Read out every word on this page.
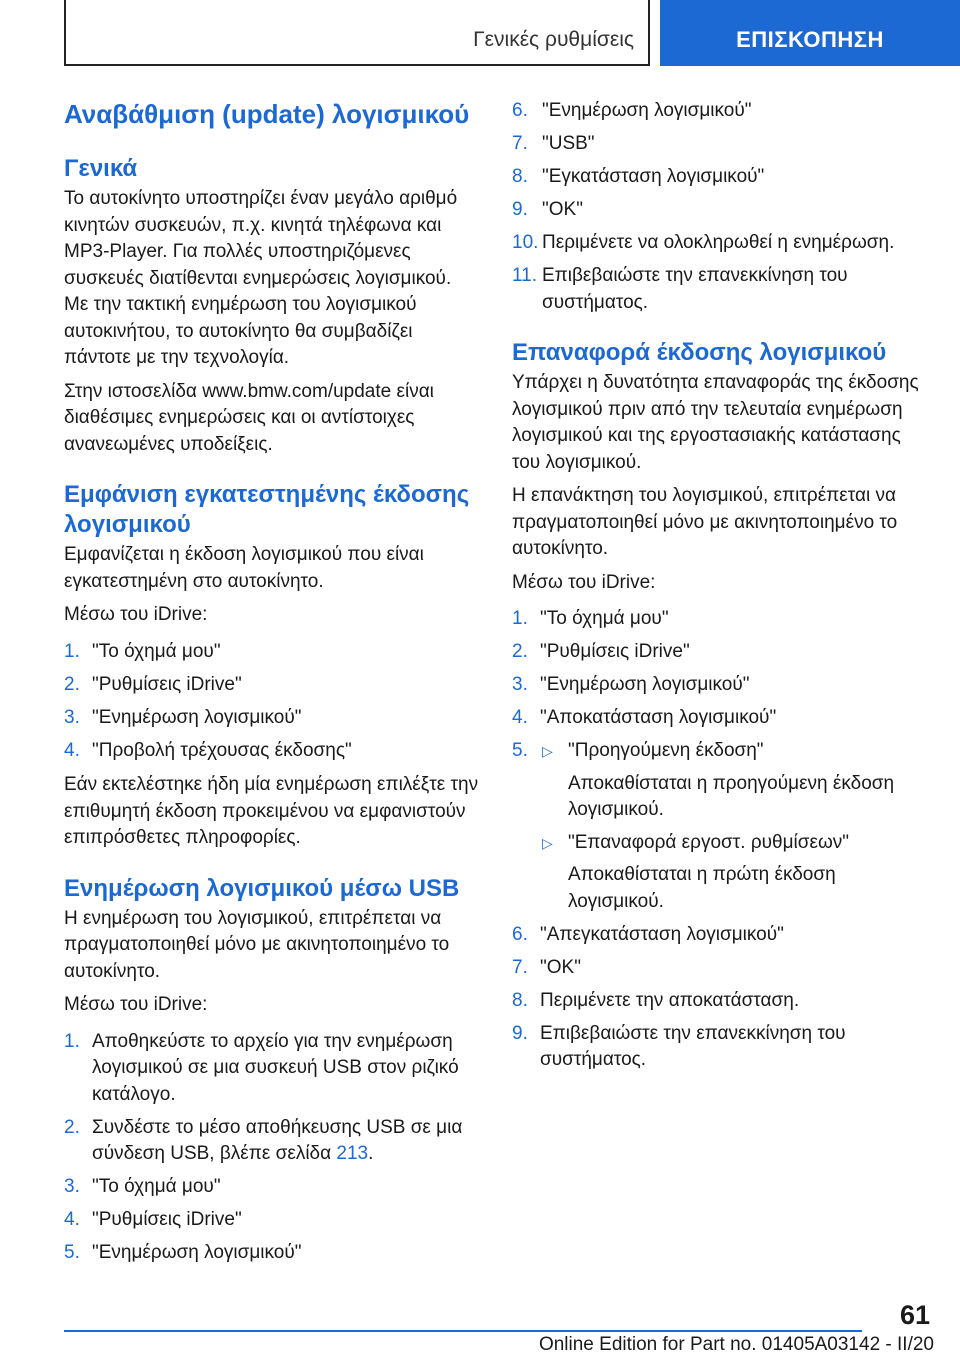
Γενικές ρυθμίσεις	ΕΠΙΣΚΟΠΗΣΗ
Αναβάθμιση (update) λογισμικού
Γενικά

Το αυτοκίνητο υποστηρίζει έναν μεγάλο αριθμό κινητών συσκευών, π.χ. κινητά τηλέφωνα και MP3-Player. Για πολλές υποστηριζόμενες συσκευές διατίθενται ενημερώσεις λογισμικού. Με την τακτική ενημέρωση του λογισμικού αυτοκινήτου, το αυτοκίνητο θα συμβαδίζει πάντοτε με την τεχνολογία.

Στην ιστοσελίδα www.bmw.com/update είναι διαθέσιμες ενημερώσεις και οι αντίστοιχες ανανεωμένες υποδείξεις.

Εμφάνιση εγκατεστημένης έκδοσης λογισμικού

Εμφανίζεται η έκδοση λογισμικού που είναι εγκατεστημένη στο αυτοκίνητο.

Μέσω του iDrive:

1. "Το όχημά μου"
2. "Ρυθμίσεις iDrive"
3. "Ενημέρωση λογισμικού"
4. "Προβολή τρέχουσας έκδοσης"

Εάν εκτελέστηκε ήδη μία ενημέρωση επιλέξτε την επιθυμητή έκδοση προκειμένου να εμφανιστούν επιπρόσθετες πληροφορίες.

Ενημέρωση λογισμικού μέσω USB

Η ενημέρωση του λογισμικού, επιτρέπεται να πραγματοποιηθεί μόνο με ακινητοποιημένο το αυτοκίνητο.

Μέσω του iDrive:

1. Αποθηκεύστε το αρχείο για την ενημέρωση λογισμικού σε μια συσκευή USB στον ριζικό κατάλογο.
2. Συνδέστε το μέσο αποθήκευσης USB σε μια σύνδεση USB, βλέπε σελίδα 213.
3. "Το όχημά μου"
4. "Ρυθμίσεις iDrive"
5. "Ενημέρωση λογισμικού"
6. "Ενημέρωση λογισμικού"
7. "USB"
8. "Εγκατάσταση λογισμικού"
9. "OK"
10. Περιμένετε να ολοκληρωθεί η ενημέρωση.
11. Επιβεβαιώστε την επανεκκίνηση του συστήματος.
Επαναφορά έκδοσης λογισμικού

Υπάρχει η δυνατότητα επαναφοράς της έκδοσης λογισμικού πριν από την τελευταία ενημέρωση λογισμικού και της εργοστασιακής κατάστασης του λογισμικού.

Η επανάκτηση του λογισμικού, επιτρέπεται να πραγματοποιηθεί μόνο με ακινητοποιημένο το αυτοκίνητο.

Μέσω του iDrive:

1. "Το όχημά μου"
2. "Ρυθμίσεις iDrive"
3. "Ενημέρωση λογισμικού"
4. "Αποκατάσταση λογισμικού"
5. ▷ "Προηγούμενη έκδοση"
Αποκαθίσταται η προηγούμενη έκδοση λογισμικού.
▷ "Επαναφορά εργοστ. ρυθμίσεων"
Αποκαθίσταται η πρώτη έκδοση λογισμικού.
6. "Απεγκατάσταση λογισμικού"
7. "OK"
8. Περιμένετε την αποκατάσταση.
9. Επιβεβαιώστε την επανεκκίνηση του συστήματος.
61
Online Edition for Part no. 01405A03142 - II/20
